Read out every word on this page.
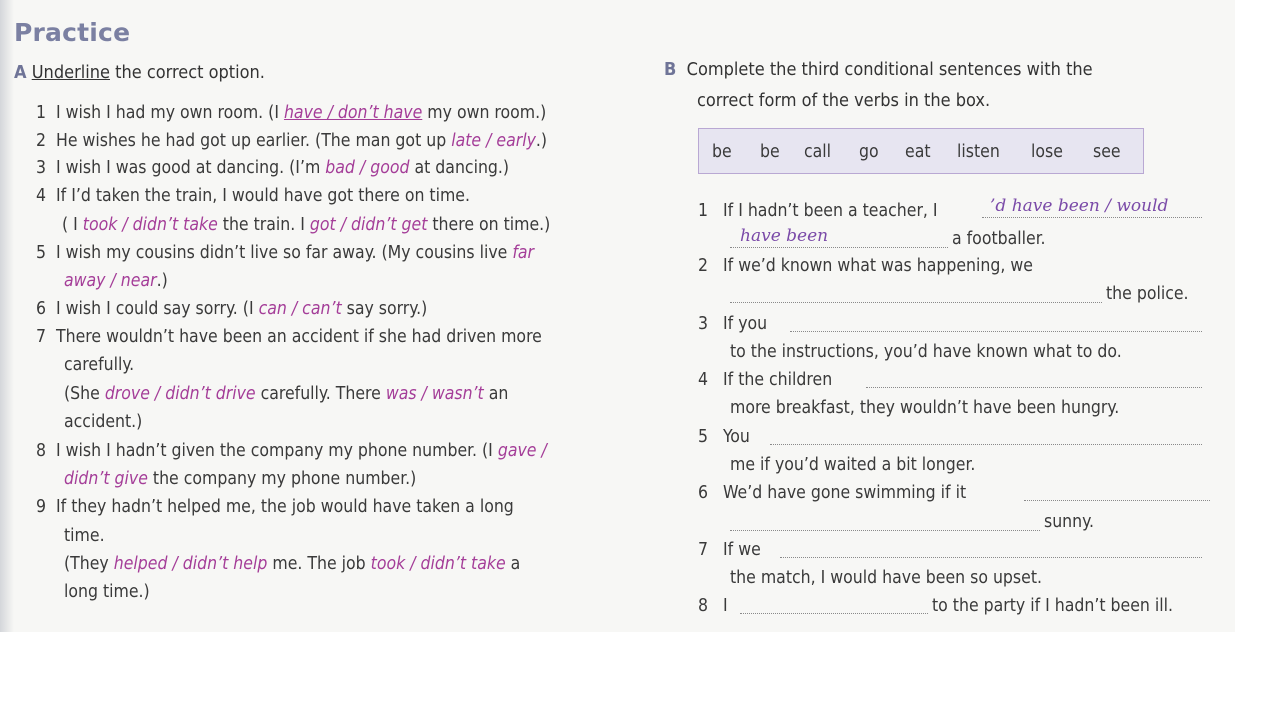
Practice
A Underline the correct option.
1 I wish I had my own room. (I have / don’t have my own room.)
2 He wishes he had got up earlier. (The man got up late / early.)
3 I wish I was good at dancing. (I’m bad / good at dancing.)
4 If I’d taken the train, I would have got there on time.
( I took / didn’t take the train. I got / didn’t get there on time.)
5 I wish my cousins didn’t live so far away. (My cousins live far
away / near.)
6 I wish I could say sorry. (I can / can’t say sorry.)
7 There wouldn’t have been an accident if she had driven more
carefully.
(She drove / didn’t drive carefully. There was / wasn’t an
accident.)
8 I wish I hadn’t given the company my phone number. (I gave /
didn’t give the company my phone number.)
9 If they hadn’t helped me, the job would have taken a long
time.
(They helped / didn’t help me. The job took / didn’t take a
long time.)
B Complete the third conditional sentences with the
correct form of the verbs in the box.
be be call go eat listen lose see
1 If I hadn’t been a teacher, I	’d have been / would
have been	a footballer.
2 If we’d known what was happening, we
the police.
3 If you
to the instructions, you’d have known what to do.
4 If the children
more breakfast, they wouldn’t have been hungry.
5 You
me if you’d waited a bit longer.
6 We’d have gone swimming if it
sunny.
7 If we
the match, I would have been so upset.
8 I	to the party if I hadn’t been ill.
